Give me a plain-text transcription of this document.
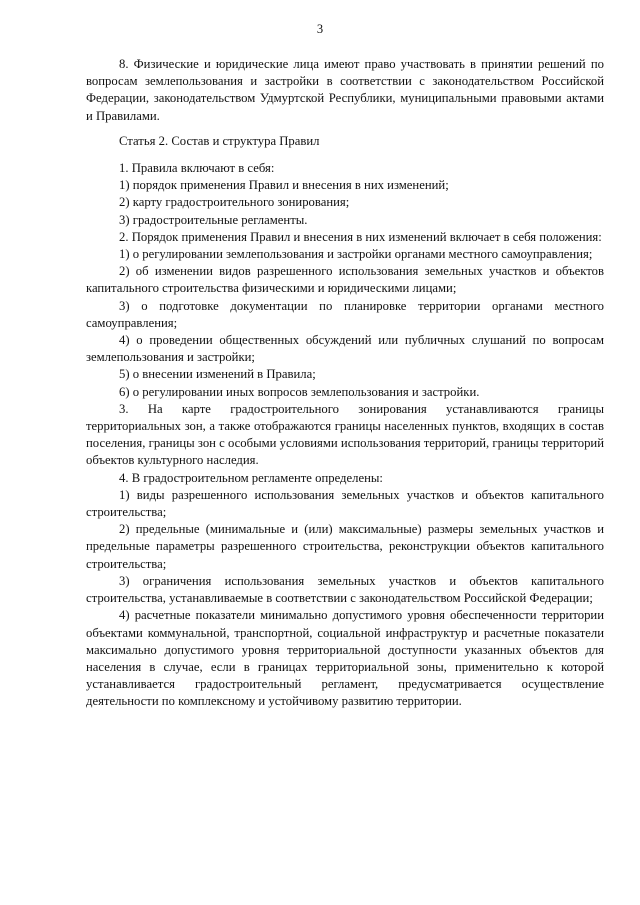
3

8. Физические и юридические лица имеют право участвовать в принятии решений по вопросам землепользования и застройки в соответствии с законодательством Российской Федерации, законодательством Удмуртской Республики, муниципальными правовыми актами и Правилами.

Статья 2. Состав и структура Правил

1. Правила включают в себя:

1) порядок применения Правил и внесения в них изменений;

2) карту градостроительного зонирования;

3) градостроительные регламенты.

2. Порядок применения Правил и внесения в них изменений включает в себя положения:

1) о регулировании землепользования и застройки органами местного самоуправления;

2) об изменении видов разрешенного использования земельных участков и объектов капитального строительства физическими и юридическими лицами;

3) о подготовке документации по планировке территории органами местного самоуправления;

4) о проведении общественных обсуждений или публичных слушаний по вопросам землепользования и застройки;

5) о внесении изменений в Правила;

6) о регулировании иных вопросов землепользования и застройки.

3. На карте градостроительного зонирования устанавливаются границы территориальных зон, а также отображаются границы населенных пунктов, входящих в состав поселения, границы зон с особыми условиями использования территорий, границы территорий объектов культурного наследия.

4. В градостроительном регламенте определены:

1) виды разрешенного использования земельных участков и объектов капитального строительства;

2) предельные (минимальные и (или) максимальные) размеры земельных участков и предельные параметры разрешенного строительства, реконструкции объектов капитального строительства;

3) ограничения использования земельных участков и объектов капитального строительства, устанавливаемые в соответствии с законодательством Российской Федерации;

4) расчетные показатели минимально допустимого уровня обеспеченности территории объектами коммунальной, транспортной, социальной инфраструктур и расчетные показатели максимально допустимого уровня территориальной доступности указанных объектов для населения в случае, если в границах территориальной зоны, применительно к которой устанавливается градостроительный регламент, предусматривается осуществление деятельности по комплексному и устойчивому развитию территории.
